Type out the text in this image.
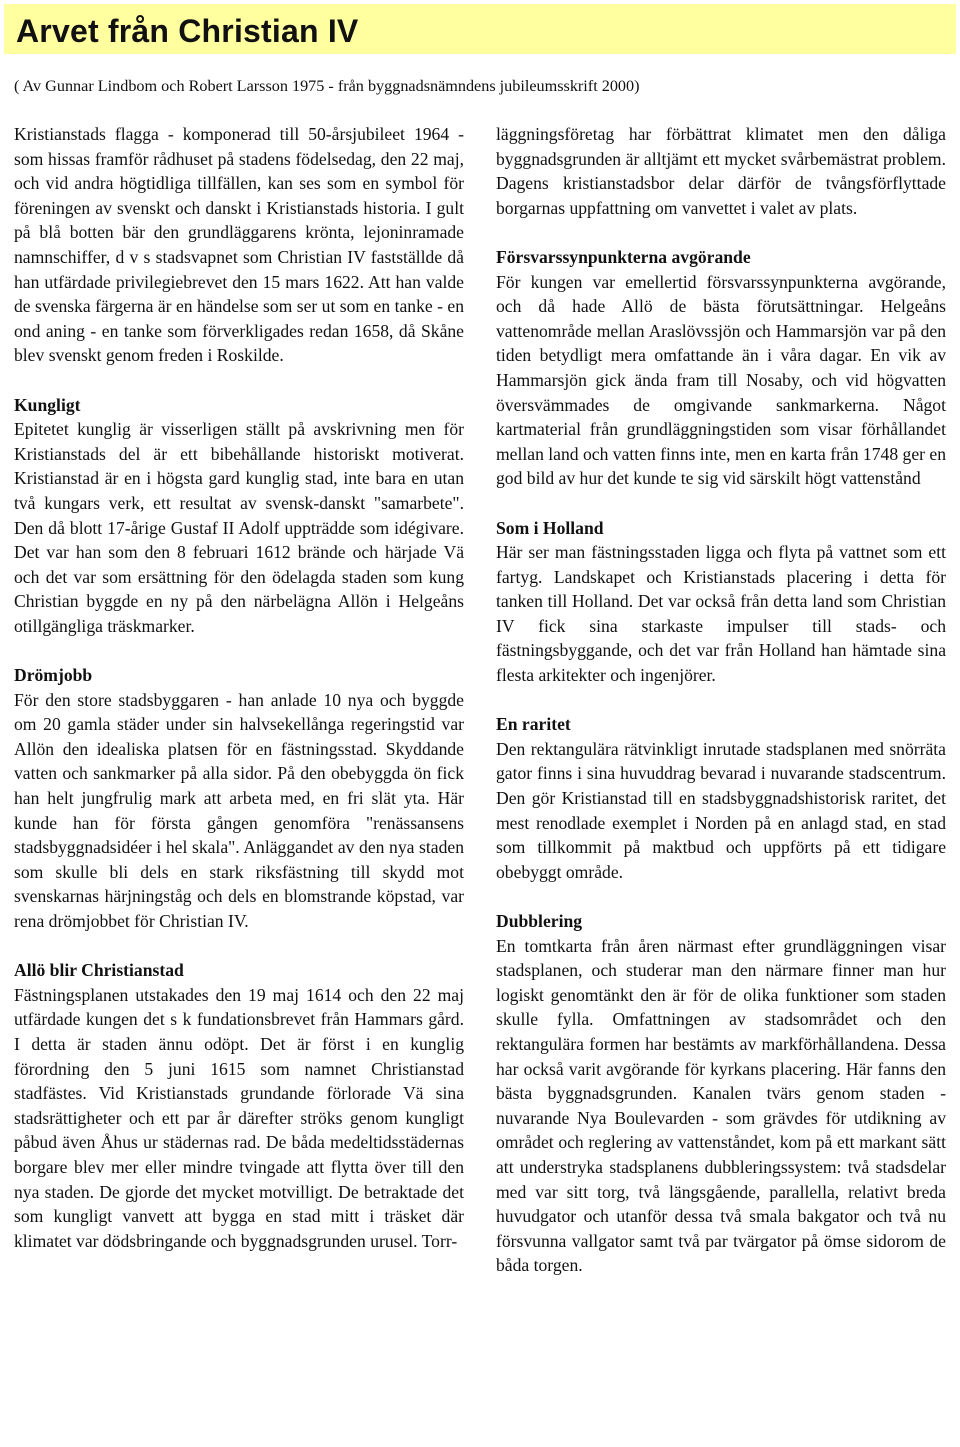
Arvet från Christian IV

( Av Gunnar Lindbom och Robert Larsson 1975 - från byggnadsnämndens jubileumsskrift 2000)

Kristianstads flagga - komponerad till 50-årsjubileet 1964 - som hissas framför rådhuset på stadens födelsedag, den 22 maj, och vid andra högtidliga tillfällen, kan ses som en symbol för föreningen av svenskt och danskt i Kristianstads historia. I gult på blå botten bär den grundläggarens krönta, lejoninramade namnschiffer, d v s stadsvapnet som Christian IV fastställde då han utfärdade privilegiebrevet den 15 mars 1622. Att han valde de svenska färgerna är en händelse som ser ut som en tanke - en ond aning - en tanke som förverkligades redan 1658, då Skåne blev svenskt genom freden i Roskilde.

Kungligt

Epitetet kunglig är visserligen ställt på avskrivning men för Kristianstads del är ett bibehållande historiskt motiverat. Kristianstad är en i högsta gard kunglig stad, inte bara en utan två kungars verk, ett resultat av svensk-danskt "samarbete". Den då blott 17-årige Gustaf II Adolf uppträdde som idégivare. Det var han som den 8 februari 1612 brände och härjade Vä och det var som ersättning för den ödelagda staden som kung Christian byggde en ny på den närbelägna Allön i Helgeåns otillgängliga träskmarker.

Drömjobb

För den store stadsbyggaren - han anlade 10 nya och byggde om 20 gamla städer under sin halvsekellånga regeringstid var Allön den idealiska platsen för en fästningsstad. Skyddande vatten och sankmarker på alla sidor. På den obebyggda ön fick han helt jungfrulig mark att arbeta med, en fri slät yta. Här kunde han för första gången genomföra "renässansens stadsbyggnadsidéer i hel skala". Anläggandet av den nya staden som skulle bli dels en stark riksfästning till skydd mot svenskarnas härjningståg och dels en blomstrande köpstad, var rena drömjobbet för Christian IV.

Allö blir Christianstad

Fästningsplanen utstakades den 19 maj 1614 och den 22 maj utfärdade kungen det s k fundationsbrevet från Hammars gård. I detta är staden ännu odöpt. Det är först i en kunglig förordning den 5 juni 1615 som namnet Christianstad stadfästes. Vid Kristianstads grundande förlorade Vä sina stadsrättigheter och ett par år därefter ströks genom kungligt påbud även Åhus ur städernas rad. De båda medeltidsstädernas borgare blev mer eller mindre tvingade att flytta över till den nya staden. De gjorde det mycket motvilligt. De betraktade det som kungligt vanvett att bygga en stad mitt i träsket där klimatet var dödsbringande och byggnadsgrunden urusel. Torr-

läggningsföretag har förbättrat klimatet men den dåliga byggnadsgrunden är alltjämt ett mycket svårbemästrat problem. Dagens kristianstadsbor delar därför de tvångsförflyttade borgarnas uppfattning om vanvettet i valet av plats.

Försvarssynpunkterna avgörande

För kungen var emellertid försvarssynpunkterna avgörande, och då hade Allö de bästa förutsättningar. Helgeåns vattenområde mellan Araslövssjön och Hammarsjön var på den tiden betydligt mera omfattande än i våra dagar. En vik av Hammarsjön gick ända fram till Nosaby, och vid högvatten översvämmades de omgivande sankmarkerna. Något kartmaterial från grundläggningstiden som visar förhållandet mellan land och vatten finns inte, men en karta från 1748 ger en god bild av hur det kunde te sig vid särskilt högt vattenstånd

Som i Holland

Här ser man fästningsstaden ligga och flyta på vattnet som ett fartyg. Landskapet och Kristianstads placering i detta för tanken till Holland. Det var också från detta land som Christian IV fick sina starkaste impulser till stads- och fästningsbyggande, och det var från Holland han hämtade sina flesta arkitekter och ingenjörer.

En raritet

Den rektangulära rätvinkligt inrutade stadsplanen med snörräta gator finns i sina huvuddrag bevarad i nuvarande stadscentrum. Den gör Kristianstad till en stadsbyggnadshistorisk raritet, det mest renodlade exemplet i Norden på en anlagd stad, en stad som tillkommit på maktbud och uppförts på ett tidigare obebyggt område.

Dubblering

En tomtkarta från åren närmast efter grundläggningen visar stadsplanen, och studerar man den närmare finner man hur logiskt genomtänkt den är för de olika funktioner som staden skulle fylla. Omfattningen av stadsområdet och den rektangulära formen har bestämts av markförhållandena. Dessa har också varit avgörande för kyrkans placering. Här fanns den bästa byggnadsgrunden. Kanalen tvärs genom staden - nuvarande Nya Boulevarden - som grävdes för utdikning av området och reglering av vattenståndet, kom på ett markant sätt att understryka stadsplanens dubbleringssystem: två stadsdelar med var sitt torg, två längsgående, parallella, relativt breda huvudgator och utanför dessa två smala bakgator och två nu försvunna vallgator samt två par tvärgator på ömse sidorom de båda torgen.
